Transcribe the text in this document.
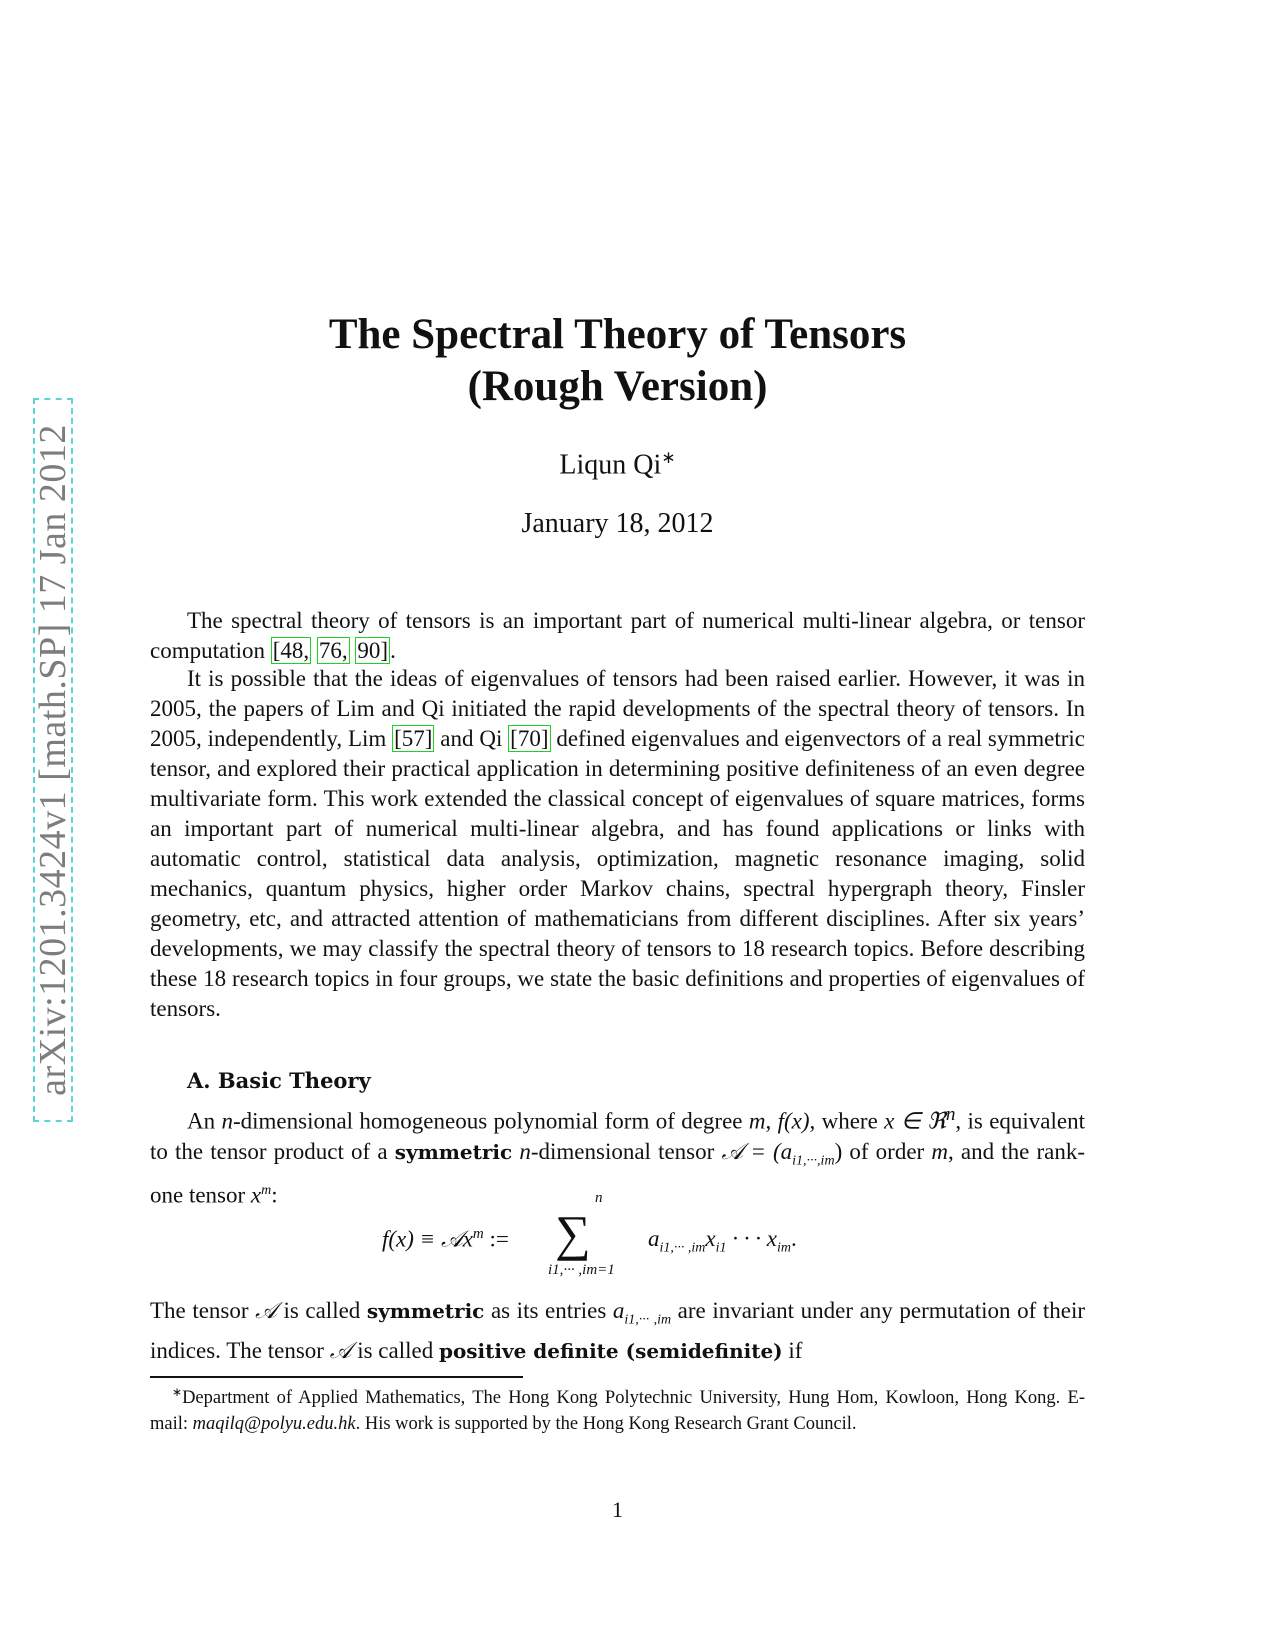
arXiv:1201.3424v1 [math.SP] 17 Jan 2012
The Spectral Theory of Tensors
(Rough Version)
Liqun Qi∗
January 18, 2012

The spectral theory of tensors is an important part of numerical multi-linear algebra, or tensor computation [48, 76, 90].

It is possible that the ideas of eigenvalues of tensors had been raised earlier. However, it was in 2005, the papers of Lim and Qi initiated the rapid developments of the spectral theory of tensors. In 2005, independently, Lim [57] and Qi [70] defined eigenvalues and eigenvectors of a real symmetric tensor, and explored their practical application in determining positive definiteness of an even degree multivariate form. This work extended the classical concept of eigenvalues of square matrices, forms an important part of numerical multi-linear algebra, and has found applications or links with automatic control, statistical data analysis, optimization, magnetic resonance imaging, solid mechanics, quantum physics, higher order Markov chains, spectral hypergraph theory, Finsler geometry, etc, and attracted attention of mathematicians from different disciplines. After six years’ developments, we may classify the spectral theory of tensors to 18 research topics. Before describing these 18 research topics in four groups, we state the basic definitions and properties of eigenvalues of tensors.

A. Basic Theory

An n-dimensional homogeneous polynomial form of degree m, f(x), where x ∈ ℜ$^n$, is equivalent to the tensor product of a symmetric n-dimensional tensor 𝒜 = $(a_{i1,\cdot\cdot\cdot,im})$ of order m, and the rank-one tensor $x^m$:

f(x) ≡ 𝒜x$^m$ :=
n
∑
i1,··· ,im=1
$a_{i1,\cdot\cdot\cdot ,im}x_{i1}$ · · · $x_{im}$.

The tensor 𝒜 is called symmetric as its entries $a_{i1,\cdot\cdot\cdot ,im}$ are invariant under any permutation of their indices. The tensor 𝒜 is called positive definite (semidefinite) if

∗Department of Applied Mathematics, The Hong Kong Polytechnic University, Hung Hom, Kowloon, Hong Kong. E-mail: maqilq@polyu.edu.hk. His work is supported by the Hong Kong Research Grant Council.

1
